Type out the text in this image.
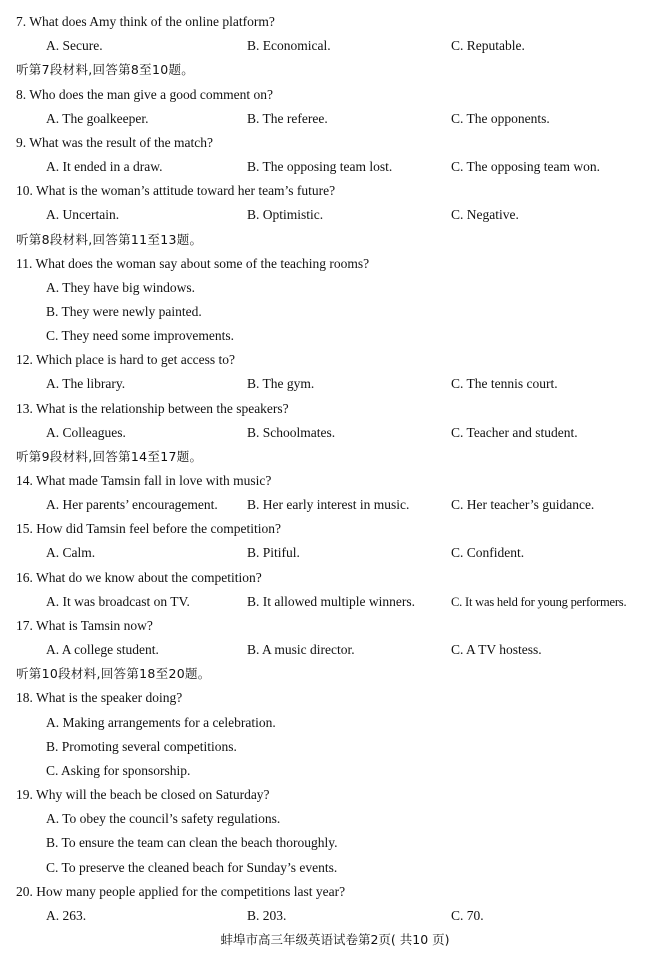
7. What does Amy think of the online platform?
A. Secure.	B. Economical.	C. Reputable.
听第7段材料,回答第8至10题。
8. Who does the man give a good comment on?
A. The goalkeeper.	B. The referee.	C. The opponents.
9. What was the result of the match?
A. It ended in a draw.	B. The opposing team lost.	C. The opposing team won.
10. What is the woman’s attitude toward her team’s future?
A. Uncertain.	B. Optimistic.	C. Negative.
听第8段材料,回答第11至13题。
11. What does the woman say about some of the teaching rooms?
A. They have big windows.
B. They were newly painted.
C. They need some improvements.
12. Which place is hard to get access to?
A. The library.	B. The gym.	C. The tennis court.
13. What is the relationship between the speakers?
A. Colleagues.	B. Schoolmates.	C. Teacher and student.
听第9段材料,回答第14至17题。
14. What made Tamsin fall in love with music?
A. Her parents’ encouragement. B. Her early interest in music.	C. Her teacher’s guidance.
15. How did Tamsin feel before the competition?
A. Calm.	B. Pitiful.	C. Confident.
16. What do we know about the competition?
A. It was broadcast on TV.	B. It allowed multiple winners.	C. It was held for young performers.
17. What is Tamsin now?
A. A college student.	B. A music director.	C. A TV hostess.
听第10段材料,回答第18至20题。
18. What is the speaker doing?
A. Making arrangements for a celebration.
B. Promoting several competitions.
C. Asking for sponsorship.
19. Why will the beach be closed on Saturday?
A. To obey the council’s safety regulations.
B. To ensure the team can clean the beach thoroughly.
C. To preserve the cleaned beach for Sunday’s events.
20. How many people applied for the competitions last year?
A. 263.	B. 203.	C. 70.
蚌埠市高三年级英语试卷第2页( 共10 页)
